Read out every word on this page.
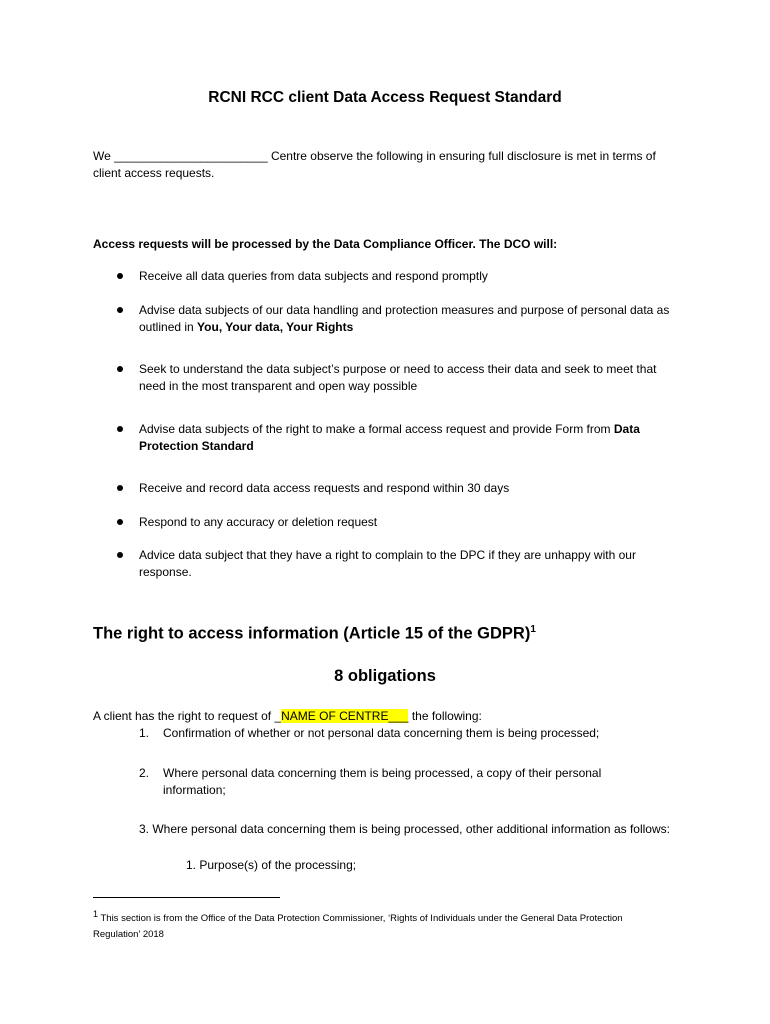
RCNI RCC client Data Access Request Standard
We _______________________ Centre observe the following in ensuring full disclosure is met in terms of client access requests.
Access requests will be processed by the Data Compliance Officer. The DCO will:
Receive all data queries from data subjects and respond promptly
Advise data subjects of our data handling and protection measures and purpose of personal data as outlined in You, Your data, Your Rights
Seek to understand the data subject’s purpose or need to access their data and seek to meet that need in the most transparent and open way possible
Advise data subjects of the right to make a formal access request and provide Form from Data Protection Standard
Receive and record data access requests and respond within 30 days
Respond to any accuracy or deletion request
Advice data subject that they have a right to complain to the DPC if they are unhappy with our response.
The right to access information (Article 15 of the GDPR)$^1$
8 obligations
A client has the right to request of _NAME OF CENTRE___ the following:
1. Confirmation of whether or not personal data concerning them is being processed;
2. Where personal data concerning them is being processed, a copy of their personal information;
3. Where personal data concerning them is being processed, other additional information as follows:
1. Purpose(s) of the processing;
$^1$ This section is from the Office of the Data Protection Commissioner, ‘Rights of Individuals under the General Data Protection Regulation’ 2018
